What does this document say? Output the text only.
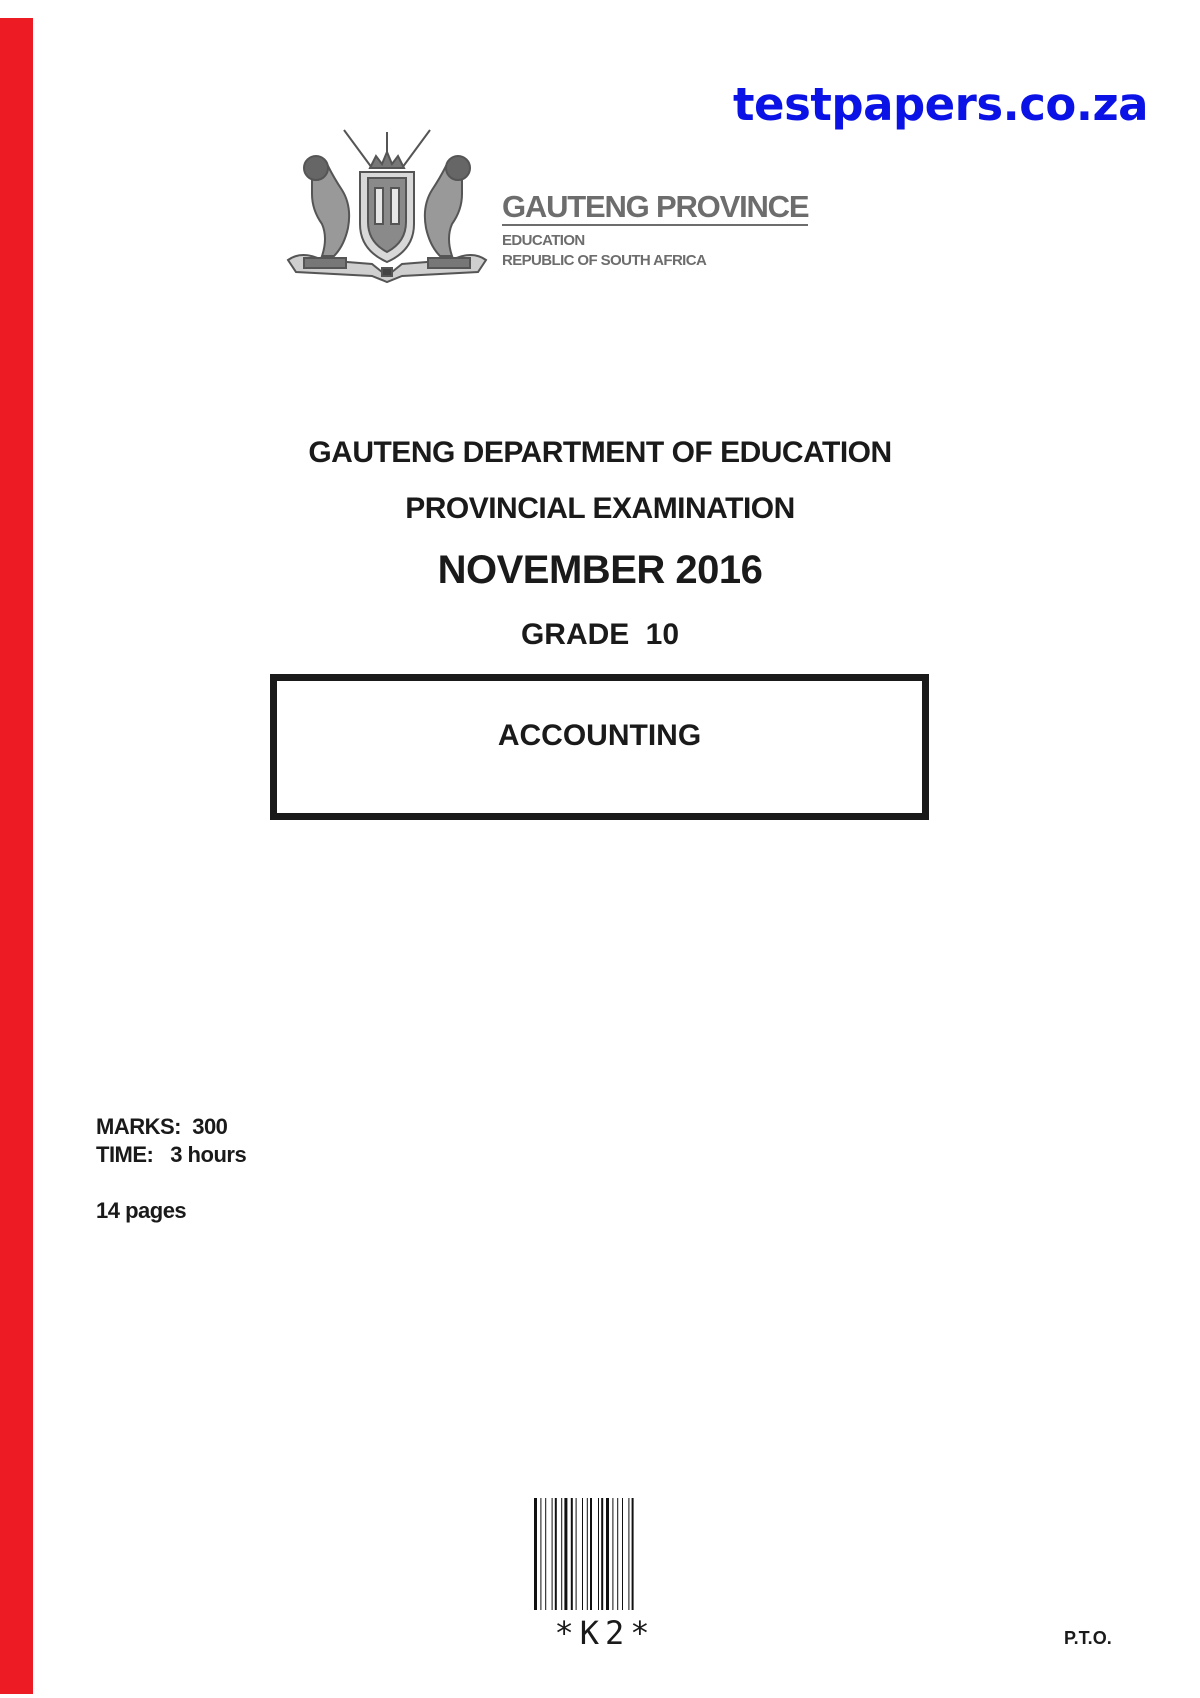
testpapers.co.za
GAUTENG PROVINCE
EDUCATION
REPUBLIC OF SOUTH AFRICA
GAUTENG DEPARTMENT OF EDUCATION
PROVINCIAL EXAMINATION
NOVEMBER 2016
GRADE 10
ACCOUNTING
MARKS:  300
TIME:   3 hours
14 pages
*K2*	P.T.O.
